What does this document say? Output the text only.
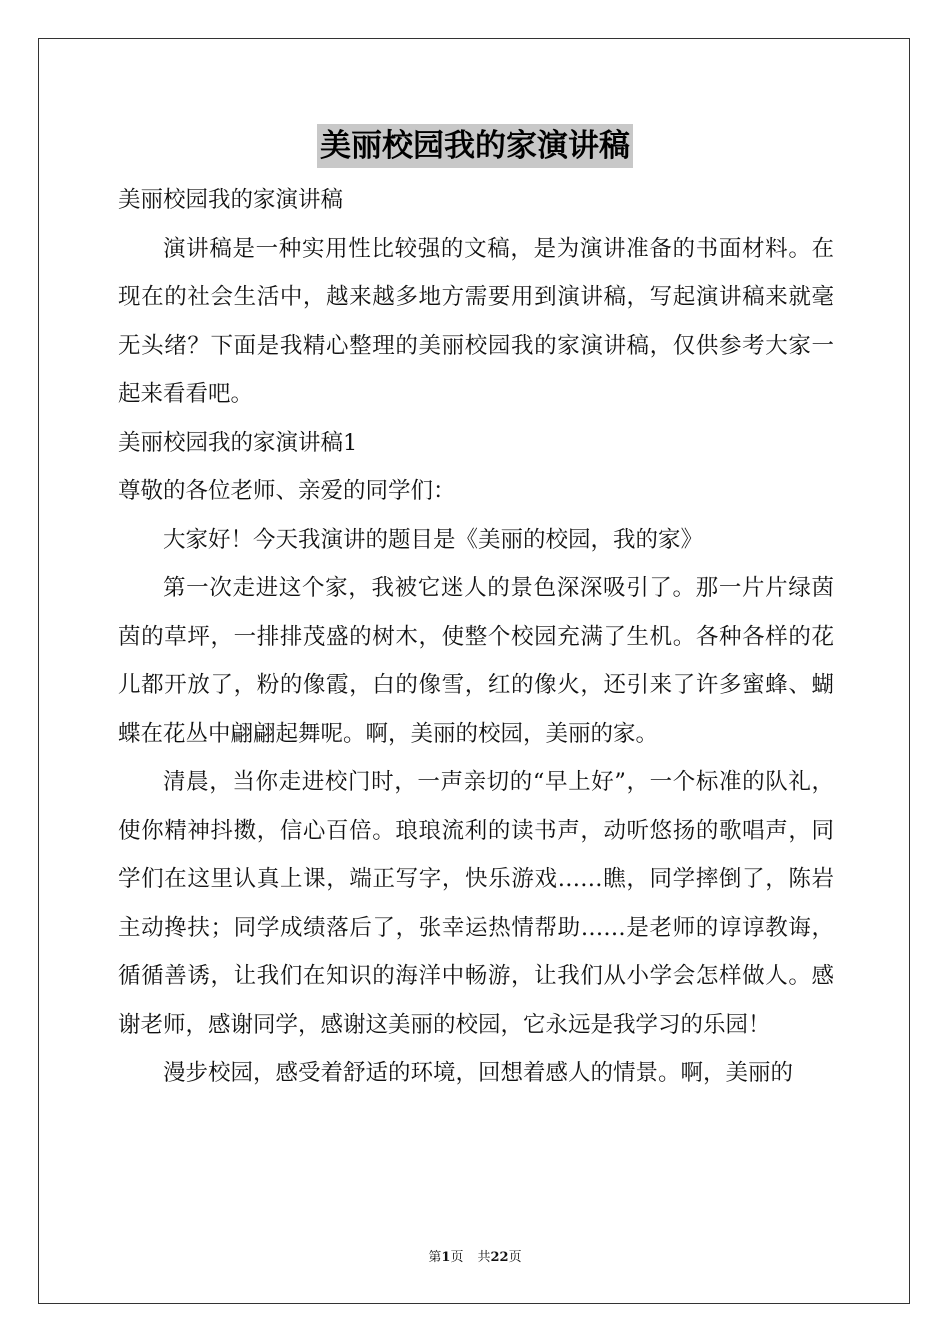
美丽校园我的家演讲稿

美丽校园我的家演讲稿

演讲稿是一种实用性比较强的文稿，是为演讲准备的书面材料。在现在的社会生活中，越来越多地方需要用到演讲稿，写起演讲稿来就毫无头绪？下面是我精心整理的美丽校园我的家演讲稿，仅供参考大家一起来看看吧。

美丽校园我的家演讲稿1

尊敬的各位老师、亲爱的同学们：

大家好！今天我演讲的题目是《美丽的校园，我的家》

第一次走进这个家，我被它迷人的景色深深吸引了。那一片片绿茵茵的草坪，一排排茂盛的树木，使整个校园充满了生机。各种各样的花儿都开放了，粉的像霞，白的像雪，红的像火，还引来了许多蜜蜂、蝴蝶在花丛中翩翩起舞呢。啊，美丽的校园，美丽的家。

清晨，当你走进校门时，一声亲切的“早上好”，一个标准的队礼，使你精神抖擞，信心百倍。琅琅流利的读书声，动听悠扬的歌唱声，同学们在这里认真上课，端正写字，快乐游戏……瞧，同学摔倒了，陈岩主动搀扶；同学成绩落后了，张幸运热情帮助……是老师的谆谆教诲，循循善诱，让我们在知识的海洋中畅游，让我们从小学会怎样做人。感谢老师，感谢同学，感谢这美丽的校园，它永远是我学习的乐园！

漫步校园，感受着舒适的环境，回想着感人的情景。啊，美丽的

第1页 共22页
